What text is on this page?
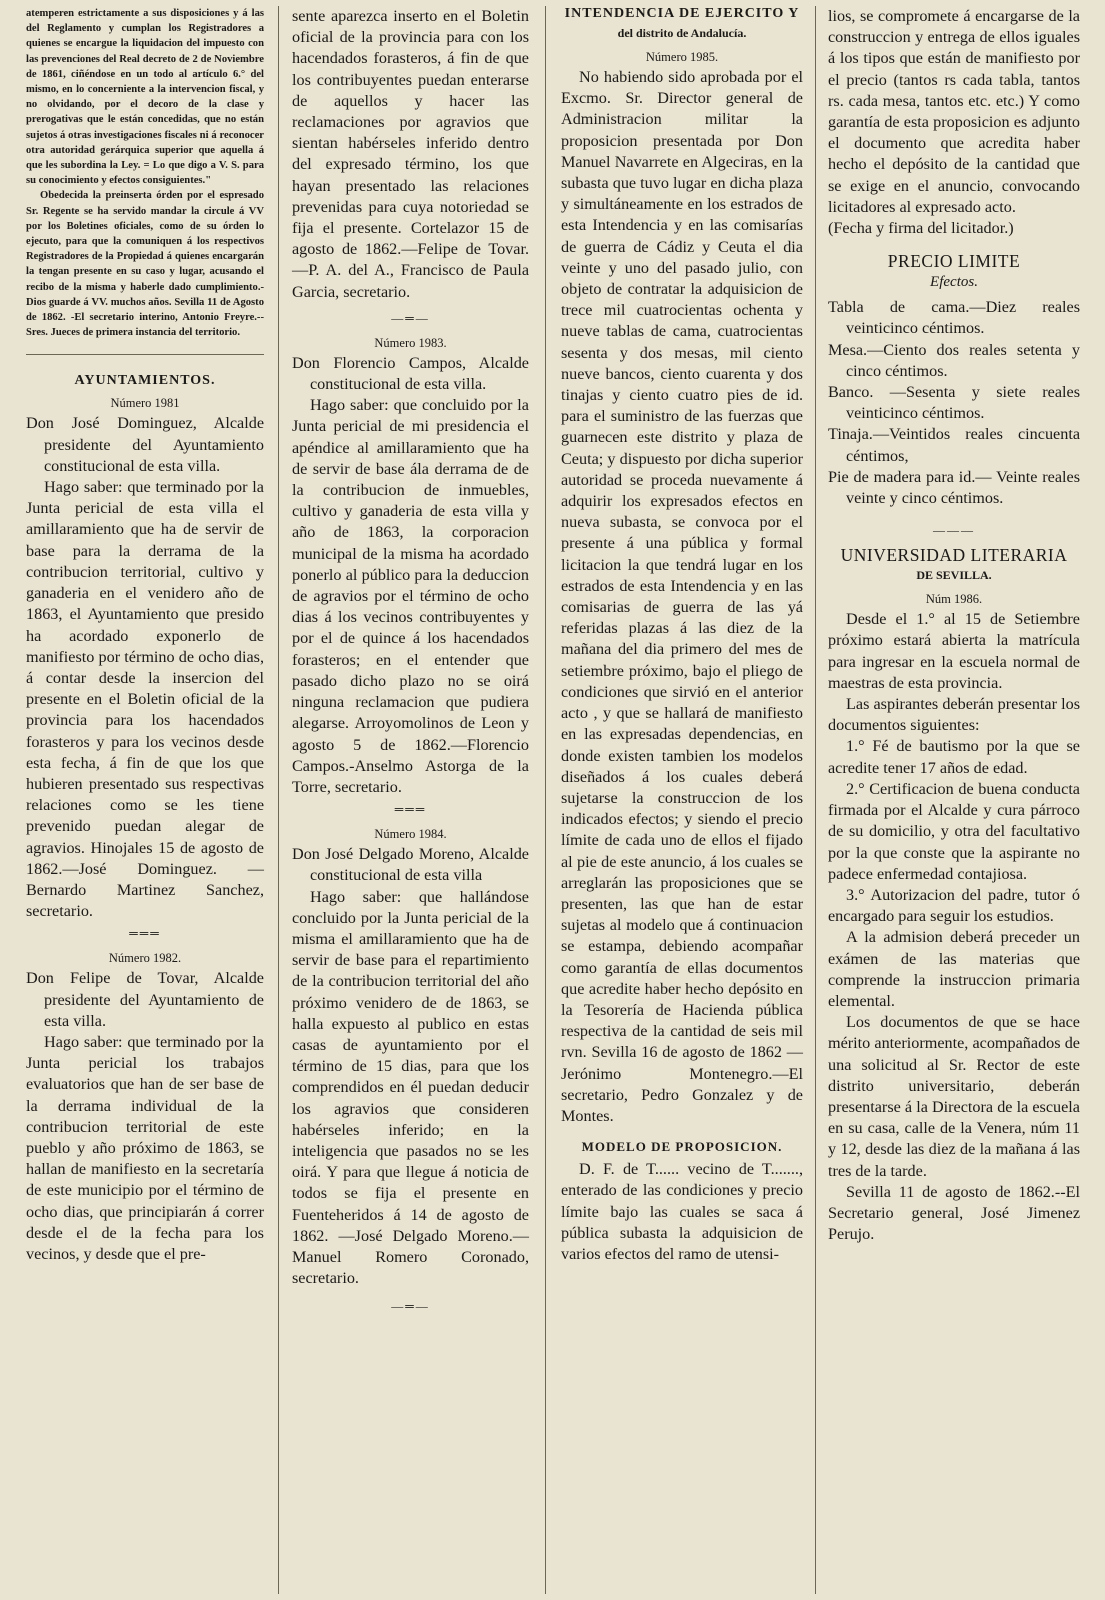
atemperen estrictamente a sus disposiciones y á las del Reglamento y cumplan los Registradores a quienes se encargue la liquidacion del impuesto con las prevenciones del Real decreto de 2 de Noviembre de 1861, ciñéndose en un todo al artículo 6.° del mismo, en lo concerniente a la intervencion fiscal, y no olvidando, por el decoro de la clase y prerogativas que le están concedidas, que no están sujetos á otras investigaciones fiscales ni á reconocer otra autoridad gerárquica superior que aquella á que les subordina la Ley. = Lo que digo a V. S. para su conocimiento y efectos consiguientes."

Obedecida la preinserta órden por el espresado Sr. Regente se ha servido mandar la circule á VV por los Boletines oficiales, como de su órden lo ejecuto, para que la comuniquen á los respectivos Registradores de la Propiedad á quienes encargarán la tengan presente en su caso y lugar, acusando el recibo de la misma y haberle dado cumplimiento.-Dios guarde á VV. muchos años. Sevilla 11 de Agosto de 1862. -El secretario interino, Antonio Freyre.--Sres. Jueces de primera instancia del territorio.

AYUNTAMIENTOS.

Número 1981

Don José Dominguez, Alcalde presidente del Ayuntamiento constitucional de esta villa.

Hago saber: que terminado por la Junta pericial de esta villa el amillaramiento que ha de servir de base para la derrama de la contribucion territorial, cultivo y ganaderia en el venidero año de 1863, el Ayuntamiento que presido ha acordado exponerlo de manifiesto por término de ocho dias, á contar desde la insercion del presente en el Boletin oficial de la provincia para los hacendados forasteros y para los vecinos desde esta fecha, á fin de que los que hubieren presentado sus respectivas relaciones como se les tiene prevenido puedan alegar de agravios. Hinojales 15 de agosto de 1862.—José Dominguez. —Bernardo Martinez Sanchez, secretario.

═══

Número 1982.

Don Felipe de Tovar, Alcalde presidente del Ayuntamiento de esta villa.

Hago saber: que terminado por la Junta pericial los trabajos evaluatorios que han de ser base de la derrama individual de la contribucion territorial de este pueblo y año próximo de 1863, se hallan de manifiesto en la secretaría de este municipio por el término de ocho dias, que principiarán á correr desde el de la fecha para los vecinos, y desde que el pre-

sente aparezca inserto en el Boletin oficial de la provincia para con los hacendados forasteros, á fin de que los contribuyentes puedan enterarse de aquellos y hacer las reclamaciones por agravios que sientan habérseles inferido dentro del expresado término, los que hayan presentado las relaciones prevenidas para cuya notoriedad se fija el presente. Cortelazor 15 de agosto de 1862.—Felipe de Tovar.—P. A. del A., Francisco de Paula Garcia, secretario.

—═—

Número 1983.

Don Florencio Campos, Alcalde constitucional de esta villa.

Hago saber: que concluido por la Junta pericial de mi presidencia el apéndice al amillaramiento que ha de servir de base ála derrama de de la contribucion de inmuebles, cultivo y ganaderia de esta villa y año de 1863, la corporacion municipal de la misma ha acordado ponerlo al público para la deduccion de agravios por el término de ocho dias á los vecinos contribuyentes y por el de quince á los hacendados forasteros; en el entender que pasado dicho plazo no se oirá ninguna reclamacion que pudiera alegarse. Arroyomolinos de Leon y agosto 5 de 1862.—Florencio Campos.-Anselmo Astorga de la Torre, secretario.

═══

Número 1984.

Don José Delgado Moreno, Alcalde constitucional de esta villa

Hago saber: que hallándose concluido por la Junta pericial de la misma el amillaramiento que ha de servir de base para el repartimiento de la contribucion territorial del año próximo venidero de de 1863, se halla expuesto al publico en estas casas de ayuntamiento por el término de 15 dias, para que los comprendidos en él puedan deducir los agravios que consideren habérseles inferido; en la inteligencia que pasados no se les oirá. Y para que llegue á noticia de todos se fija el presente en Fuenteheridos á 14 de agosto de 1862. —José Delgado Moreno.— Manuel Romero Coronado, secretario.

—═—
INTENDENCIA DE EJERCITO Y
del distrito de Andalucía.

Número 1985.

No habiendo sido aprobada por el Excmo. Sr. Director general de Administracion militar la proposicion presentada por Don Manuel Navarrete en Algeciras, en la subasta que tuvo lugar en dicha plaza y simultáneamente en los estrados de esta Intendencia y en las comisarías de guerra de Cádiz y Ceuta el dia veinte y uno del pasado julio, con objeto de contratar la adquisicion de trece mil cuatrocientas ochenta y nueve tablas de cama, cuatrocientas sesenta y dos mesas, mil ciento nueve bancos, ciento cuarenta y dos tinajas y ciento cuatro pies de id. para el suministro de las fuerzas que guarnecen este distrito y plaza de Ceuta; y dispuesto por dicha superior autoridad se proceda nuevamente á adquirir los expresados efectos en nueva subasta, se convoca por el presente á una pública y formal licitacion la que tendrá lugar en los estrados de esta Intendencia y en las comisarias de guerra de las yá referidas plazas á las diez de la mañana del dia primero del mes de setiembre próximo, bajo el pliego de condiciones que sirvió en el anterior acto , y que se hallará de manifiesto en las expresadas dependencias, en donde existen tambien los modelos diseñados á los cuales deberá sujetarse la construccion de los indicados efectos; y siendo el precio límite de cada uno de ellos el fijado al pie de este anuncio, á los cuales se arreglarán las proposiciones que se presenten, las que han de estar sujetas al modelo que á continuacion se estampa, debiendo acompañar como garantía de ellas documentos que acredite haber hecho depósito en la Tesorería de Hacienda pública respectiva de la cantidad de seis mil rvn. Sevilla 16 de agosto de 1862 —Jerónimo Montenegro.—El secretario, Pedro Gonzalez y de Montes.

MODELO DE PROPOSICION.

D. F. de T...... vecino de T......., enterado de las condiciones y precio límite bajo las cuales se saca á pública subasta la adquisicion de varios efectos del ramo de utensi-

lios, se compromete á encargarse de la construccion y entrega de ellos iguales á los tipos que están de manifiesto por el precio (tantos rs cada tabla, tantos rs. cada mesa, tantos etc. etc.) Y como garantía de esta proposicion es adjunto el documento que acredita haber hecho el depósito de la cantidad que se exige en el anuncio, convocando licitadores al expresado acto.

(Fecha y firma del licitador.)

PRECIO LIMITE
Efectos.

Tabla de cama.—Diez reales veinticinco céntimos.

Mesa.—Ciento dos reales setenta y cinco céntimos.

Banco. —Sesenta y siete reales veinticinco céntimos.

Tinaja.—Veintidos reales cincuenta céntimos,

Pie de madera para id.— Veinte reales veinte y cinco céntimos.

———
UNIVERSIDAD LITERARIA
DE SEVILLA.

Núm 1986.

Desde el 1.° al 15 de Setiembre próximo estará abierta la matrícula para ingresar en la escuela normal de maestras de esta provincia.

Las aspirantes deberán presentar los documentos siguientes:

1.° Fé de bautismo por la que se acredite tener 17 años de edad.

2.° Certificacion de buena conducta firmada por el Alcalde y cura párroco de su domicilio, y otra del facultativo por la que conste que la aspirante no padece enfermedad contajiosa.

3.° Autorizacion del padre, tutor ó encargado para seguir los estudios.

A la admision deberá preceder un exámen de las materias que comprende la instruccion primaria elemental.

Los documentos de que se hace mérito anteriormente, acompañados de una solicitud al Sr. Rector de este distrito universitario, deberán presentarse á la Directora de la escuela en su casa, calle de la Venera, núm 11 y 12, desde las diez de la mañana á las tres de la tarde.

Sevilla 11 de agosto de 1862.--El Secretario general, José Jimenez Perujo.
